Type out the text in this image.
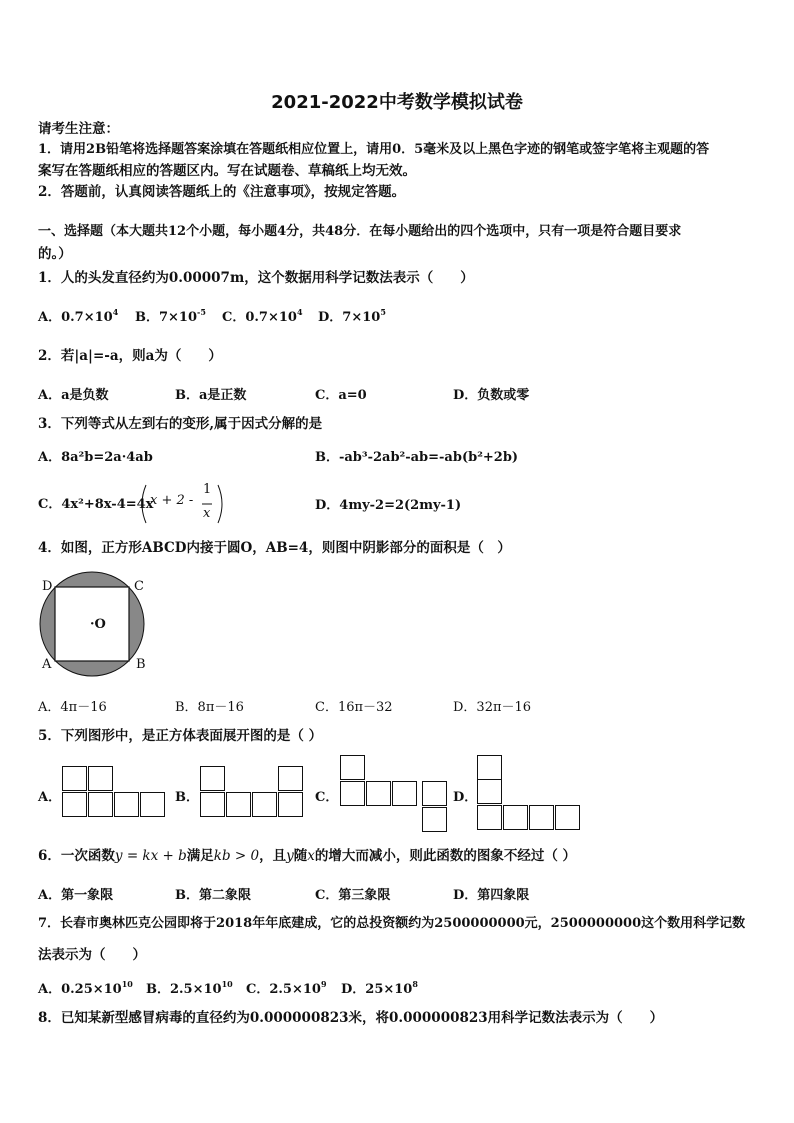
2021-2022中考数学模拟试卷
请考生注意：
1．请用2B铅笔将选择题答案涂填在答题纸相应位置上，请用0．5毫米及以上黑色字迹的钢笔或签字笔将主观题的答
案写在答题纸相应的答题区内。写在试题卷、草稿纸上均无效。
2．答题前，认真阅读答题纸上的《注意事项》，按规定答题。
一、选择题（本大题共12个小题，每小题4分，共48分．在每小题给出的四个选项中，只有一项是符合题目要求
的。）
1．人的头发直径约为0.00007m，这个数据用科学记数法表示（　　）
A．$0.7\times 10^4$ B．$7\times 10^{-5}$ C．$0.7\times 10^4$ D．$7\times 10^5$
2．若|a|=-a，则a为（　　）
A．a是负数	B．a是正数	C．a=0	D．负数或零
3．下列等式从左到右的变形,属于因式分解的是
A．8a²b=2a·4ab	B．-ab³-2ab²-ab=-ab(b²+2b)
C．4x²+8x-4=4x
x + 2 -
1
x
D．4my-2=2(2my-1)
4．如图，正方形ABCD内接于圆O，AB=4，则图中阴影部分的面积是（　）
D	C
A	B
·O
A．4π－16	B．8π－16	C．16π－32	D．32π－16
5．下列图形中，是正方体表面展开图的是（ ）
A．	B．	C．	D．
6．一次函数y = kx + b满足kb > 0，且y随x的增大而减小，则此函数的图象不经过（ ）
A．第一象限	B．第二象限	C．第三象限	D．第四象限
7．长春市奥林匹克公园即将于2018年年底建成，它的总投资额约为2500000000元，2500000000这个数用科学记数
法表示为（　　）
A．$0.25\times 10^{10}$ B．$2.5\times 10^{10}$ C．$2.5\times 10^9$ D．$25\times 10^8$
8．已知某新型感冒病毒的直径约为0.000000823米，将0.000000823用科学记数法表示为（　　）
